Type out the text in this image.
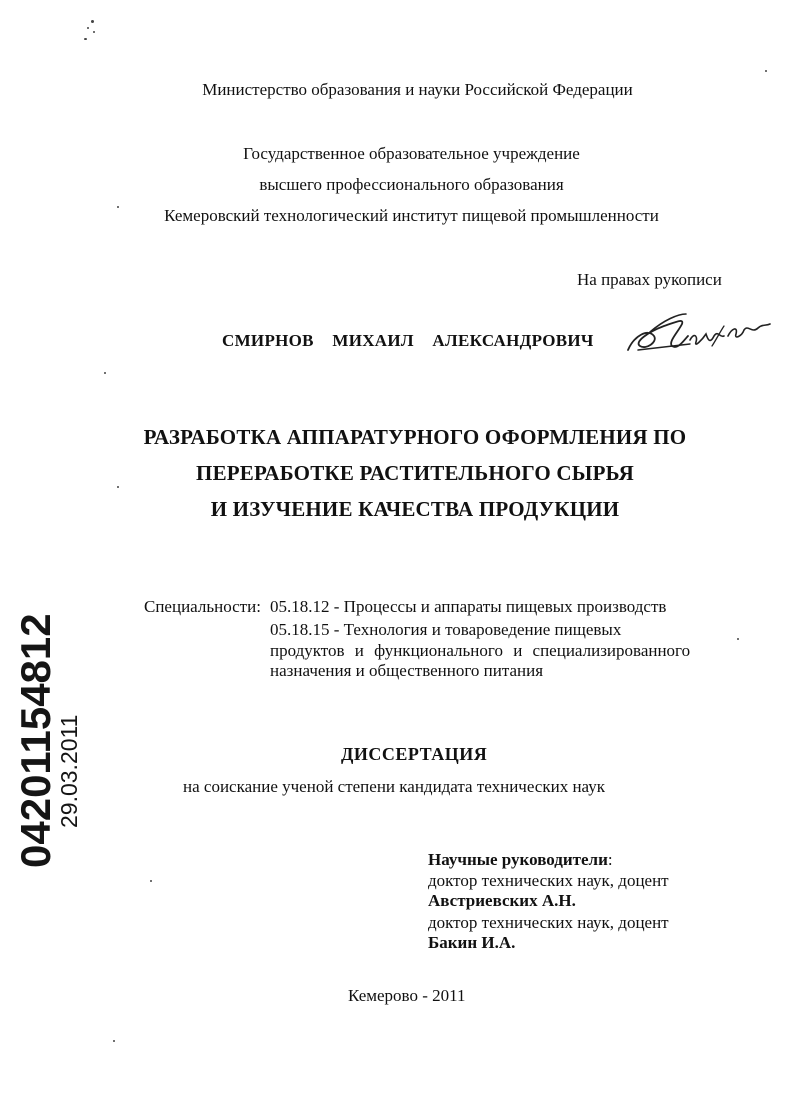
Министерство образования и науки Российской Федерации
Государственное образовательное учреждение
высшего профессионального образования
Кемеровский технологический институт пищевой промышленности
На правах рукописи
СМИРНОВ МИХАИЛ АЛЕКСАНДРОВИЧ
РАЗРАБОТКА АППАРАТУРНОГО ОФОРМЛЕНИЯ ПО
ПЕРЕРАБОТКЕ РАСТИТЕЛЬНОГО СЫРЬЯ
И ИЗУЧЕНИЕ КАЧЕСТВА ПРОДУКЦИИ
Специальности: 05.18.12 - Процессы и аппараты пищевых производств
05.18.15 - Технология и товароведение пищевых
продуктов и функционального и специализированного
назначения и общественного питания
04201154812
29.03.2011	ДИССЕРТАЦИЯ
на соискание ученой степени кандидата технических наук
Научные руководители:
доктор технических наук, доцент
Австриевских А.Н.
доктор технических наук, доцент
Бакин И.А.
Кемерово - 2011
